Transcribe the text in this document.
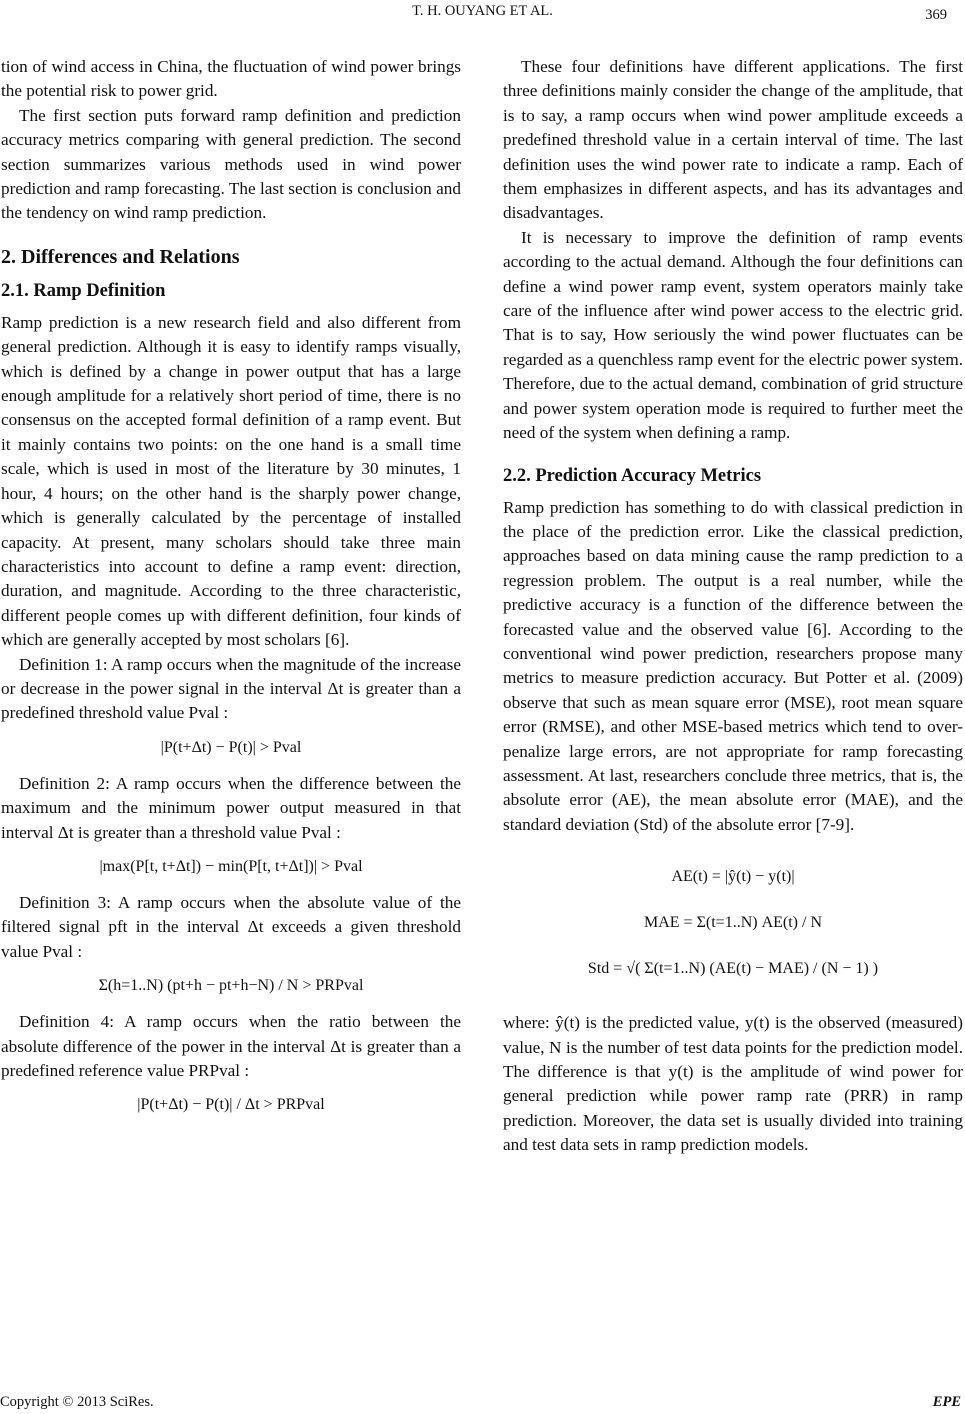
T. H. OUYANG ET AL.	369

tion of wind access in China, the fluctuation of wind power brings the potential risk to power grid.

The first section puts forward ramp definition and prediction accuracy metrics comparing with general prediction. The second section summarizes various methods used in wind power prediction and ramp forecasting. The last section is conclusion and the tendency on wind ramp prediction.

2. Differences and Relations
2.1. Ramp Definition

Ramp prediction is a new research field and also different from general prediction. Although it is easy to identify ramps visually, which is defined by a change in power output that has a large enough amplitude for a relatively short period of time, there is no consensus on the accepted formal definition of a ramp event. But it mainly contains two points: on the one hand is a small time scale, which is used in most of the literature by 30 minutes, 1 hour, 4 hours; on the other hand is the sharply power change, which is generally calculated by the percentage of installed capacity. At present, many scholars should take three main characteristics into account to define a ramp event: direction, duration, and magnitude. According to the three characteristic, different people comes up with different definition, four kinds of which are generally accepted by most scholars [6].

Definition 1: A ramp occurs when the magnitude of the increase or decrease in the power signal in the interval Δt is greater than a predefined threshold value Pval :

|P(t+Δt) − P(t)| > Pval

Definition 2: A ramp occurs when the difference between the maximum and the minimum power output measured in that interval Δt is greater than a threshold value Pval :

|max(P[t, t+Δt]) − min(P[t, t+Δt])| > Pval

Definition 3: A ramp occurs when the absolute value of the filtered signal pft in the interval Δt exceeds a given threshold value Pval :

Σ(h=1..N) (pt+h − pt+h−N) / N > PRPval

Definition 4: A ramp occurs when the ratio between the absolute difference of the power in the interval Δt is greater than a predefined reference value PRPval :

|P(t+Δt) − P(t)| / Δt > PRPval

These four definitions have different applications. The first three definitions mainly consider the change of the amplitude, that is to say, a ramp occurs when wind power amplitude exceeds a predefined threshold value in a certain interval of time. The last definition uses the wind power rate to indicate a ramp. Each of them emphasizes in different aspects, and has its advantages and disadvantages.

It is necessary to improve the definition of ramp events according to the actual demand. Although the four definitions can define a wind power ramp event, system operators mainly take care of the influence after wind power access to the electric grid. That is to say, How seriously the wind power fluctuates can be regarded as a quenchless ramp event for the electric power system. Therefore, due to the actual demand, combination of grid structure and power system operation mode is required to further meet the need of the system when defining a ramp.

2.2. Prediction Accuracy Metrics

Ramp prediction has something to do with classical prediction in the place of the prediction error. Like the classical prediction, approaches based on data mining cause the ramp prediction to a regression problem. The output is a real number, while the predictive accuracy is a function of the difference between the forecasted value and the observed value [6]. According to the conventional wind power prediction, researchers propose many metrics to measure prediction accuracy. But Potter et al. (2009) observe that such as mean square error (MSE), root mean square error (RMSE), and other MSE-based metrics which tend to over-penalize large errors, are not appropriate for ramp forecasting assessment. At last, researchers conclude three metrics, that is, the absolute error (AE), the mean absolute error (MAE), and the standard deviation (Std) of the absolute error [7-9].

AE(t) = |ŷ(t) − y(t)|
MAE = Σ(t=1..N) AE(t) / N
Std = √( Σ(t=1..N) (AE(t) − MAE) / (N − 1) )

where: ŷ(t) is the predicted value, y(t) is the observed (measured) value, N is the number of test data points for the prediction model. The difference is that y(t) is the amplitude of wind power for general prediction while power ramp rate (PRR) in ramp prediction. Moreover, the data set is usually divided into training and test data sets in ramp prediction models.

Copyright © 2013 SciRes.	EPE
